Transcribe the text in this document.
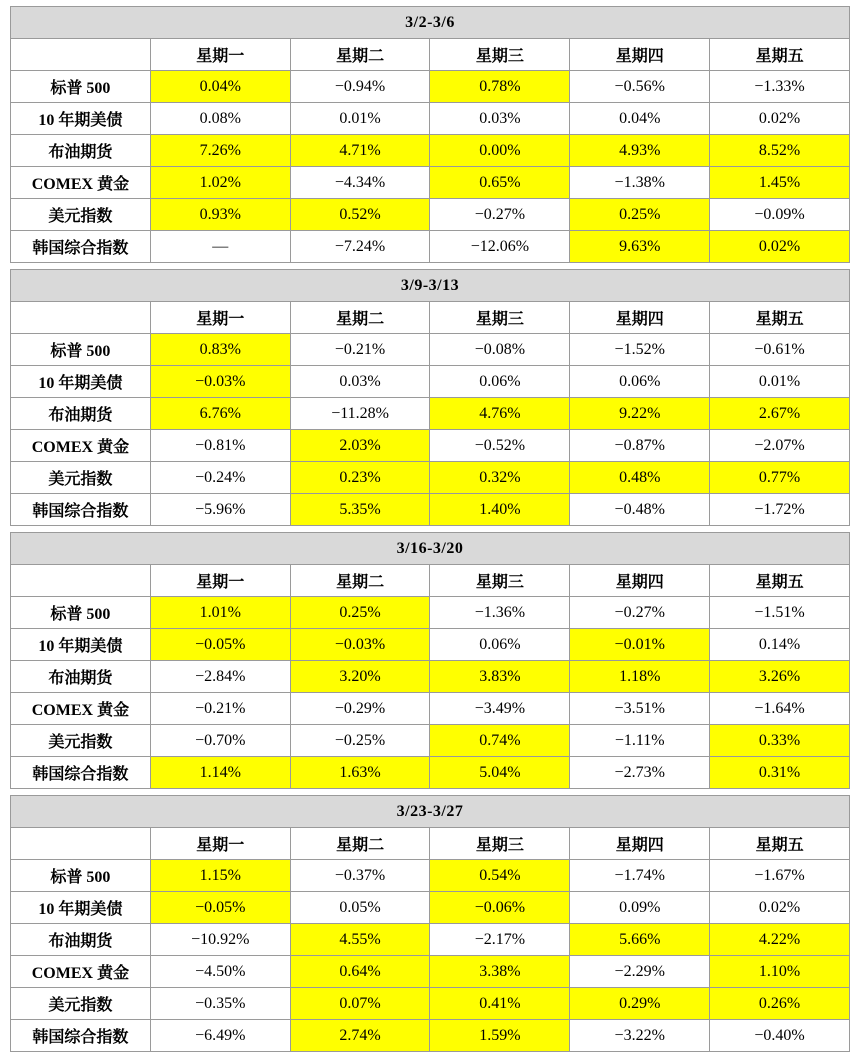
3/2-3/6					
	星期一	星期二	星期三	星期四	星期五
标普 500	0.04%	−0.94%	0.78%	−0.56%	−1.33%
10 年期美债	0.08%	0.01%	0.03%	0.04%	0.02%
布油期货	7.26%	4.71%	0.00%	4.93%	8.52%
COMEX 黄金	1.02%	−4.34%	0.65%	−1.38%	1.45%
美元指数	0.93%	0.52%	−0.27%	0.25%	−0.09%
韩国综合指数	—	−7.24%	−12.06%	9.63%	0.02%
3/9-3/13					
	星期一	星期二	星期三	星期四	星期五
标普 500	0.83%	−0.21%	−0.08%	−1.52%	−0.61%
10 年期美债	−0.03%	0.03%	0.06%	0.06%	0.01%
布油期货	6.76%	−11.28%	4.76%	9.22%	2.67%
COMEX 黄金	−0.81%	2.03%	−0.52%	−0.87%	−2.07%
美元指数	−0.24%	0.23%	0.32%	0.48%	0.77%
韩国综合指数	−5.96%	5.35%	1.40%	−0.48%	−1.72%
3/16-3/20					
	星期一	星期二	星期三	星期四	星期五
标普 500	1.01%	0.25%	−1.36%	−0.27%	−1.51%
10 年期美债	−0.05%	−0.03%	0.06%	−0.01%	0.14%
布油期货	−2.84%	3.20%	3.83%	1.18%	3.26%
COMEX 黄金	−0.21%	−0.29%	−3.49%	−3.51%	−1.64%
美元指数	−0.70%	−0.25%	0.74%	−1.11%	0.33%
韩国综合指数	1.14%	1.63%	5.04%	−2.73%	0.31%
3/23-3/27					
	星期一	星期二	星期三	星期四	星期五
标普 500	1.15%	−0.37%	0.54%	−1.74%	−1.67%
10 年期美债	−0.05%	0.05%	−0.06%	0.09%	0.02%
布油期货	−10.92%	4.55%	−2.17%	5.66%	4.22%
COMEX 黄金	−4.50%	0.64%	3.38%	−2.29%	1.10%
美元指数	−0.35%	0.07%	0.41%	0.29%	0.26%
韩国综合指数	−6.49%	2.74%	1.59%	−3.22%	−0.40%
